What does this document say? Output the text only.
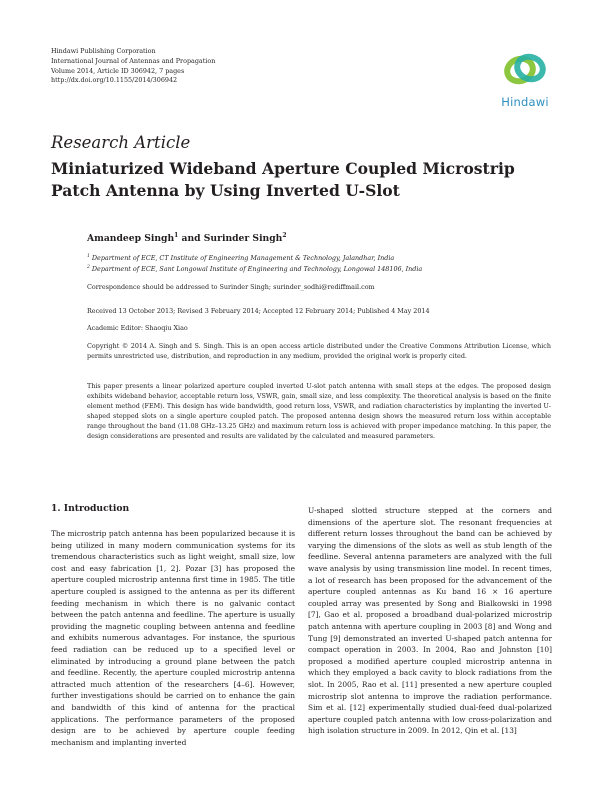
Hindawi Publishing Corporation
International Journal of Antennas and Propagation
Volume 2014, Article ID 306942, 7 pages
http://dx.doi.org/10.1155/2014/306942
Hindawi
Research Article
Miniaturized Wideband Aperture Coupled Microstrip Patch Antenna by Using Inverted U-Slot
Amandeep Singh$^1$ and Surinder Singh$^2$
$^1$ Department of ECE, CT Institute of Engineering Management & Technology, Jalandhar, India
$^2$ Department of ECE, Sant Longowal Institute of Engineering and Technology, Longowal 148106, India
Correspondence should be addressed to Surinder Singh; surinder_sodhi@rediffmail.com
Received 13 October 2013; Revised 3 February 2014; Accepted 12 February 2014; Published 4 May 2014
Academic Editor: Shaoqiu Xiao

Copyright © 2014 A. Singh and S. Singh. This is an open access article distributed under the Creative Commons Attribution License, which permits unrestricted use, distribution, and reproduction in any medium, provided the original work is properly cited.

This paper presents a linear polarized aperture coupled inverted U-slot patch antenna with small steps at the edges. The proposed design exhibits wideband behavior, acceptable return loss, VSWR, gain, small size, and less complexity. The theoretical analysis is based on the finite element method (FEM). This design has wide bandwidth, good return loss, VSWR, and radiation characteristics by implanting the inverted U-shaped stepped slots on a single aperture coupled patch. The proposed antenna design shows the measured return loss within acceptable range throughout the band (11.08 GHz–13.25 GHz) and maximum return loss is achieved with proper impedance matching. In this paper, the design considerations are presented and results are validated by the calculated and measured parameters.

1. Introduction

The microstrip patch antenna has been popularized because it is being utilized in many modern communication systems for its tremendous characteristics such as light weight, small size, low cost and easy fabrication [1, 2]. Pozar [3] has proposed the aperture coupled microstrip antenna first time in 1985. The title aperture coupled is assigned to the antenna as per its different feeding mechanism in which there is no galvanic contact between the patch antenna and feedline. The aperture is usually providing the magnetic coupling between antenna and feedline and exhibits numerous advantages. For instance, the spurious feed radiation can be reduced up to a specified level or eliminated by introducing a ground plane between the patch and feedline. Recently, the aperture coupled microstrip antenna attracted much attention of the researchers [4–6]. However, further investigations should be carried on to enhance the gain and bandwidth of this kind of antenna for the practical applications. The performance parameters of the proposed design are to be achieved by aperture couple feeding mechanism and implanting inverted

U-shaped slotted structure stepped at the corners and dimensions of the aperture slot. The resonant frequencies at different return losses throughout the band can be achieved by varying the dimensions of the slots as well as stub length of the feedline. Several antenna parameters are analyzed with the full wave analysis by using transmission line model. In recent times, a lot of research has been proposed for the advancement of the aperture coupled antennas as Ku band 16 × 16 aperture coupled array was presented by Song and Bialkowski in 1998 [7], Gao et al. proposed a broadband dual-polarized microstrip patch antenna with aperture coupling in 2003 [8] and Wong and Tung [9] demonstrated an inverted U-shaped patch antenna for compact operation in 2003. In 2004, Rao and Johnston [10] proposed a modified aperture coupled microstrip antenna in which they employed a back cavity to block radiations from the slot. In 2005, Rao et al. [11] presented a new aperture coupled microstrip slot antenna to improve the radiation performance. Sim et al. [12] experimentally studied dual-feed dual-polarized aperture coupled patch antenna with low cross-polarization and high isolation structure in 2009. In 2012, Qin et al. [13]
